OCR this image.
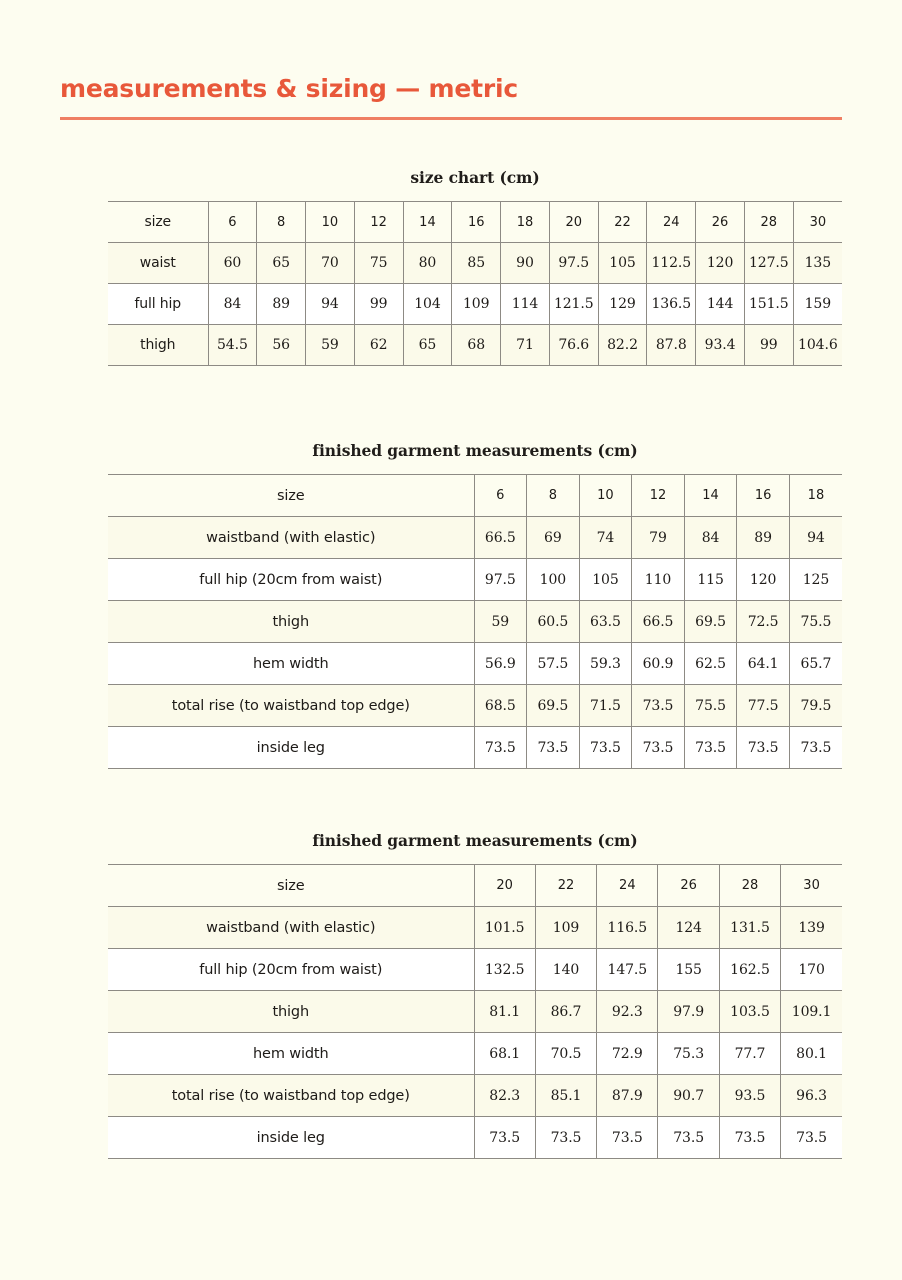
measurements & sizing — metric
size chart (cm)
size	6	8	10	12	14	16	18	20	22	24	26	28	30
waist	60	65	70	75	80	85	90	97.5	105	112.5	120	127.5	135
full hip	84	89	94	99	104	109	114	121.5	129	136.5	144	151.5	159
thigh	54.5	56	59	62	65	68	71	76.6	82.2	87.8	93.4	99	104.6
finished garment measurements (cm)
size	6	8	10	12	14	16	18
waistband (with elastic)	66.5	69	74	79	84	89	94
full hip (20cm from waist)	97.5	100	105	110	115	120	125
thigh	59	60.5	63.5	66.5	69.5	72.5	75.5
hem width	56.9	57.5	59.3	60.9	62.5	64.1	65.7
total rise (to waistband top edge)	68.5	69.5	71.5	73.5	75.5	77.5	79.5
inside leg	73.5	73.5	73.5	73.5	73.5	73.5	73.5
finished garment measurements (cm)
size	20	22	24	26	28	30
waistband (with elastic)	101.5	109	116.5	124	131.5	139
full hip (20cm from waist)	132.5	140	147.5	155	162.5	170
thigh	81.1	86.7	92.3	97.9	103.5	109.1
hem width	68.1	70.5	72.9	75.3	77.7	80.1
total rise (to waistband top edge)	82.3	85.1	87.9	90.7	93.5	96.3
inside leg	73.5	73.5	73.5	73.5	73.5	73.5
